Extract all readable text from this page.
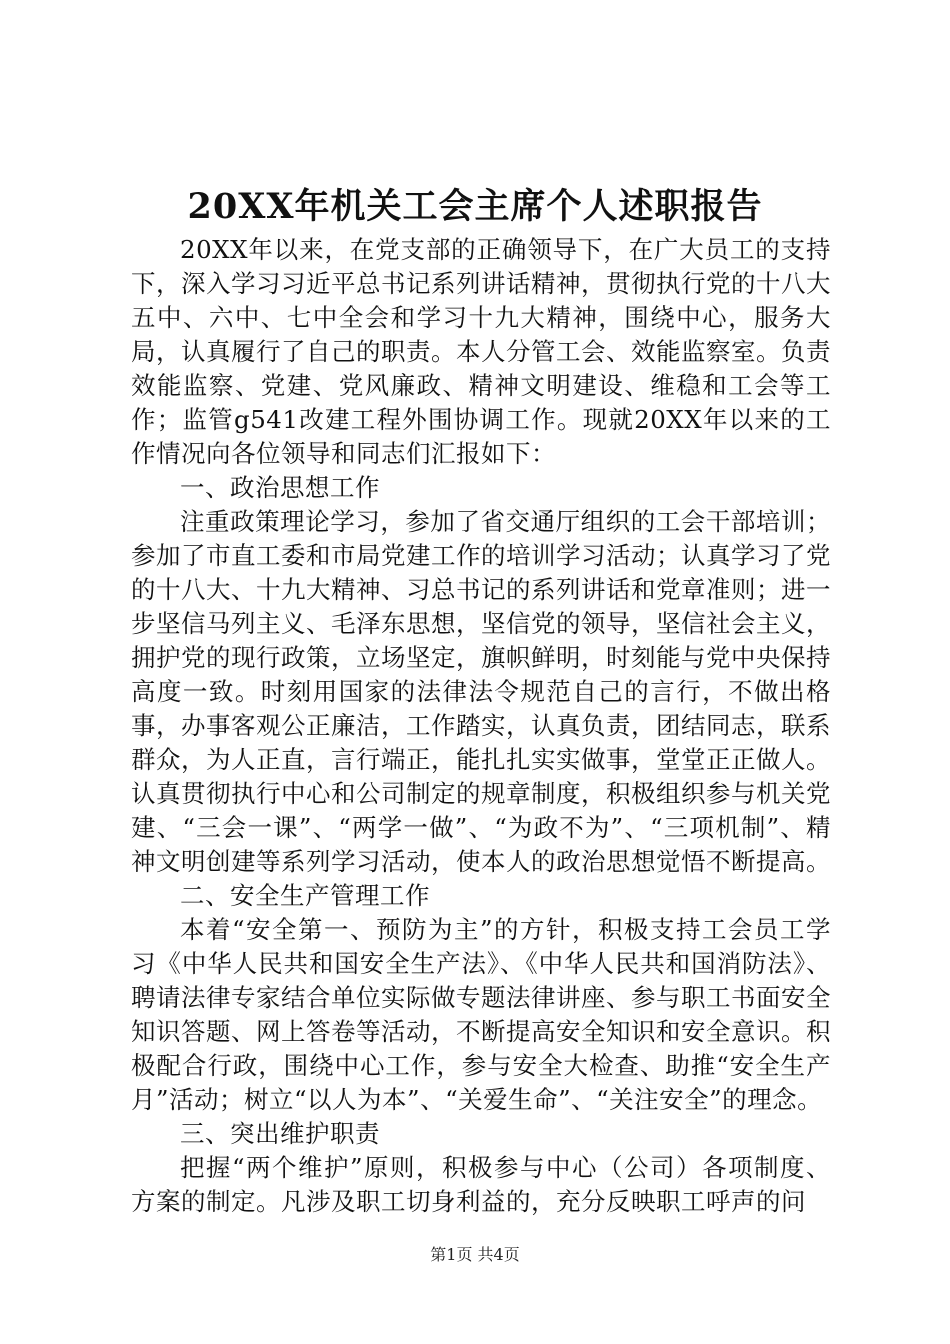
20XX年机关工会主席个人述职报告

20XX年以来，在党支部的正确领导下，在广大员工的支持下，深入学习习近平总书记系列讲话精神，贯彻执行党的十八大五中、六中、七中全会和学习十九大精神，围绕中心，服务大局，认真履行了自己的职责。本人分管工会、效能监察室。负责效能监察、党建、党风廉政、精神文明建设、维稳和工会等工作；监管g541改建工程外围协调工作。现就20XX年以来的工作情况向各位领导和同志们汇报如下：

一、政治思想工作

注重政策理论学习，参加了省交通厅组织的工会干部培训；参加了市直工委和市局党建工作的培训学习活动；认真学习了党的十八大、十九大精神、习总书记的系列讲话和党章准则；进一步坚信马列主义、毛泽东思想，坚信党的领导，坚信社会主义，拥护党的现行政策，立场坚定，旗帜鲜明，时刻能与党中央保持高度一致。时刻用国家的法律法令规范自己的言行，不做出格事，办事客观公正廉洁，工作踏实，认真负责，团结同志，联系群众，为人正直，言行端正，能扎扎实实做事，堂堂正正做人。认真贯彻执行中心和公司制定的规章制度，积极组织参与机关党建、“三会一课”、“两学一做”、“为政不为”、“三项机制”、精神文明创建等系列学习活动，使本人的政治思想觉悟不断提高。

二、安全生产管理工作

本着“安全第一、预防为主”的方针，积极支持工会员工学习《中华人民共和国安全生产法》、《中华人民共和国消防法》、聘请法律专家结合单位实际做专题法律讲座、参与职工书面安全知识答题、网上答卷等活动，不断提高安全知识和安全意识。积极配合行政，围绕中心工作，参与安全大检查、助推“安全生产月”活动；树立“以人为本”、“关爱生命”、“关注安全”的理念。

三、突出维护职责

把握“两个维护”原则，积极参与中心（公司）各项制度、方案的制定。凡涉及职工切身利益的，充分反映职工呼声的问

第1页 共4页
